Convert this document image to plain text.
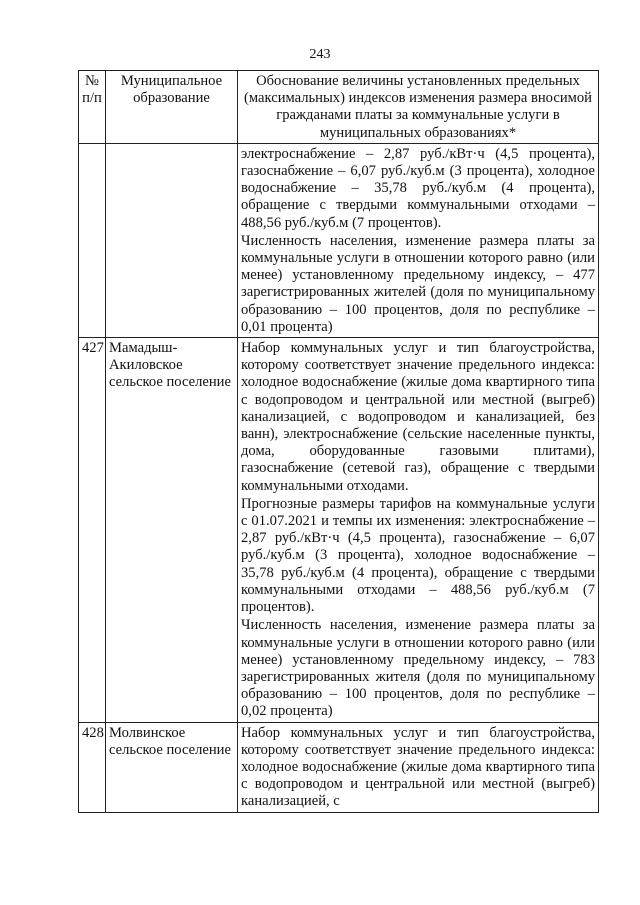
243
№ п/п	Муниципальное образование	Обоснование величины установленных предельных (максимальных) индексов изменения размера вносимой гражданами платы за коммунальные услуги в муниципальных образованиях*

		электроснабжение – 2,87 руб./кВт·ч (4,5 процента), газоснабжение – 6,07 руб./куб.м (3 процента), холодное водоснабжение – 35,78 руб./куб.м (4 процента), обращение с твердыми коммунальными отходами – 488,56 руб./куб.м (7 процентов).
Численность населения, изменение размера платы за коммунальные услуги в отношении которого равно (или менее) установленному предельному индексу, – 477 зарегистрированных жителей (доля по муниципальному образованию – 100 процентов, доля по республике – 0,01 процента)

427	Мамадыш-Акиловское сельское поселение	Набор коммунальных услуг и тип благоустройства, которому соответствует значение предельного индекса: холодное водоснабжение (жилые дома квартирного типа с водопроводом и центральной или местной (выгреб) канализацией, с водопроводом и канализацией, без ванн), электроснабжение (сельские населенные пункты, дома, оборудованные газовыми плитами), газоснабжение (сетевой газ), обращение с твердыми коммунальными отходами.
Прогнозные размеры тарифов на коммунальные услуги с 01.07.2021 и темпы их изменения: электроснабжение – 2,87 руб./кВт·ч (4,5 процента), газоснабжение – 6,07 руб./куб.м (3 процента), холодное водоснабжение – 35,78 руб./куб.м (4 процента), обращение с твердыми коммунальными отходами – 488,56 руб./куб.м (7 процентов).
Численность населения, изменение размера платы за коммунальные услуги в отношении которого равно (или менее) установленному предельному индексу, – 783 зарегистрированных жителя (доля по муниципальному образованию – 100 процентов, доля по республике – 0,02 процента)

428	Молвинское сельское поселение	Набор коммунальных услуг и тип благоустройства, которому соответствует значение предельного индекса: холодное водоснабжение (жилые дома квартирного типа с водопроводом и центральной или местной (выгреб) канализацией, с
